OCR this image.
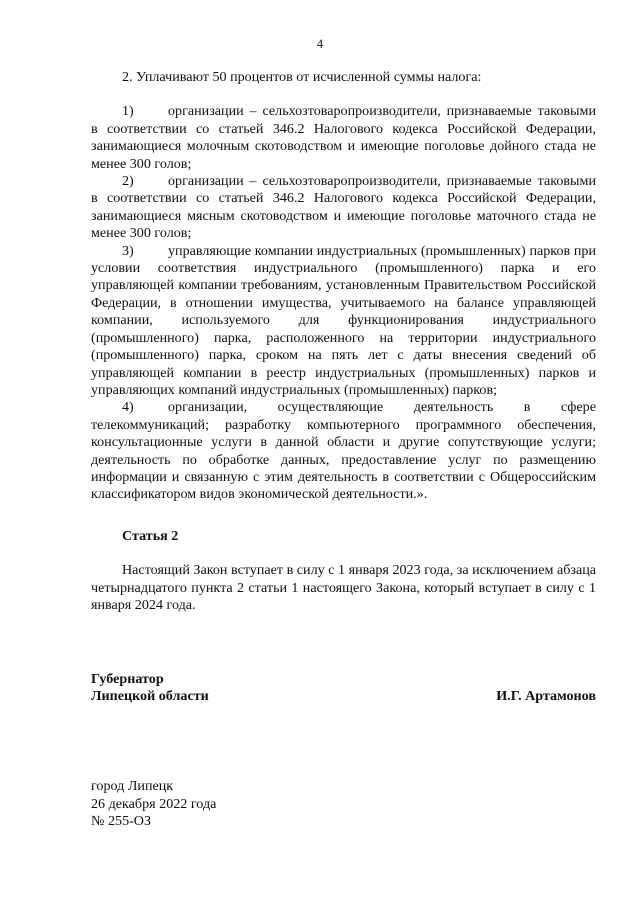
4

2. Уплачивают 50 процентов от исчисленной суммы налога:

1) организации – сельхозтоваропроизводители, признаваемые таковыми в соответствии со статьей 346.2 Налогового кодекса Российской Федерации, занимающиеся молочным скотоводством и имеющие поголовье дойного стада не менее 300 голов;

2) организации – сельхозтоваропроизводители, признаваемые таковыми в соответствии со статьей 346.2 Налогового кодекса Российской Федерации, занимающиеся мясным скотоводством и имеющие поголовье маточного стада не менее 300 голов;

3) управляющие компании индустриальных (промышленных) парков при условии соответствия индустриального (промышленного) парка и его управляющей компании требованиям, установленным Правительством Российской Федерации, в отношении имущества, учитываемого на балансе управляющей компании, используемого для функционирования индустриального (промышленного) парка, расположенного на территории индустриального (промышленного) парка, сроком на пять лет с даты внесения сведений об управляющей компании в реестр индустриальных (промышленных) парков и управляющих компаний индустриальных (промышленных) парков;

4) организации, осуществляющие деятельность в сфере телекоммуникаций; разработку компьютерного программного обеспечения, консультационные услуги в данной области и другие сопутствующие услуги; деятельность по обработке данных, предоставление услуг по размещению информации и связанную с этим деятельность в соответствии с Общероссийским классификатором видов экономической деятельности.».

Статья 2

Настоящий Закон вступает в силу с 1 января 2023 года, за исключением абзаца четырнадцатого пункта 2 статьи 1 настоящего Закона, который вступает в силу с 1 января 2024 года.

Губернатор
Липецкой области	И.Г. Артамонов
город Липецк
26 декабря 2022 года
№ 255-ОЗ
